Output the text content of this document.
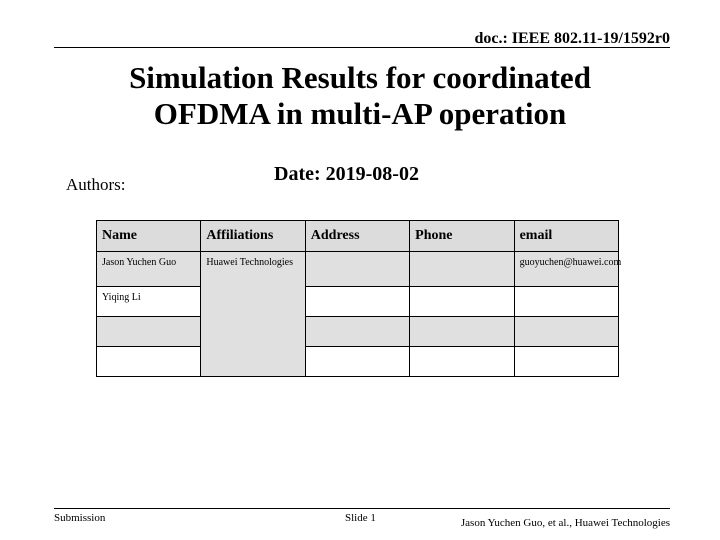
doc.: IEEE 802.11-19/1592r0
Simulation Results for coordinated
OFDMA in multi-AP operation
Date: 2019-08-02
Authors:
Name	Affiliations	Address	Phone	email
Jason Yuchen Guo	Huawei Technologies			guoyuchen@huawei.com
Yiqing Li				

Submission	Slide 1	Jason Yuchen Guo, et al., Huawei Technologies
